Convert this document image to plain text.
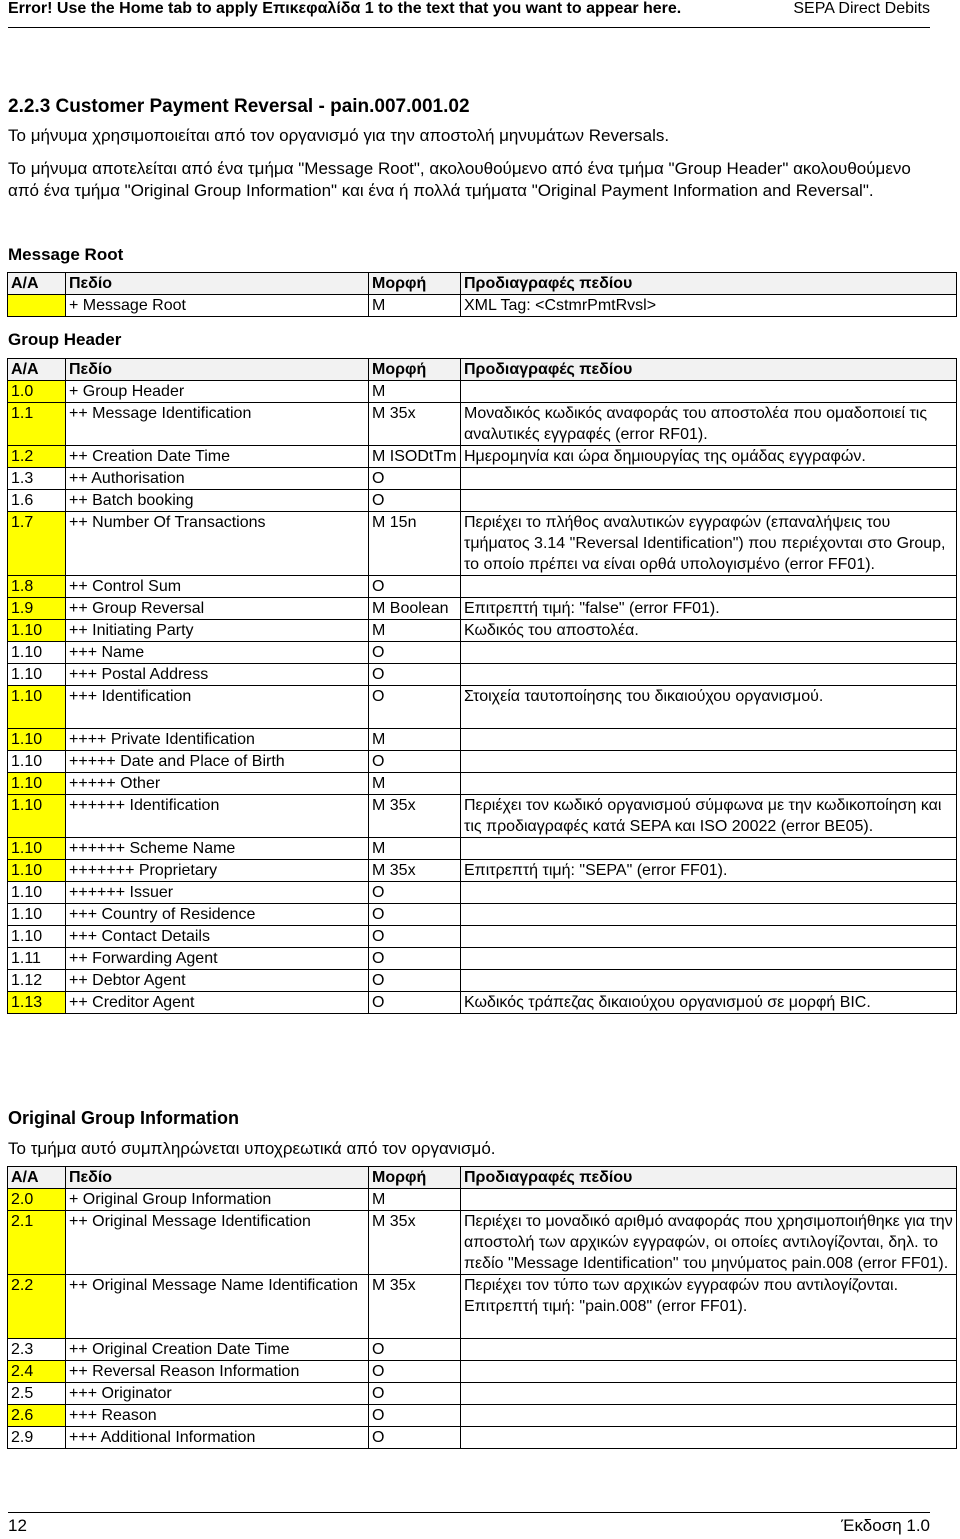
Error! Use the Home tab to apply Επικεφαλίδα 1 to the text that you want to appear here.	SEPA Direct Debits
2.2.3 Customer Payment Reversal - pain.007.001.02
Το μήνυμα χρησιμοποιείται από τον οργανισμό για την αποστολή μηνυμάτων Reversals.
Το μήνυμα αποτελείται από ένα τμήμα "Message Root", ακολουθούμενο από ένα τμήμα "Group Header" ακολουθούμενο από ένα τμήμα "Original Group Information" και ένα ή πολλά τμήματα "Original Payment Information and Reversal".
Message Root
Α/Α	Πεδίο	Μορφή	Προδιαγραφές πεδίου
	+ Message Root	M	XML Tag: <CstmrPmtRvsl>
Group Header
Α/Α	Πεδίο	Μορφή	Προδιαγραφές πεδίου
1.0	+ Group Header	M	
1.1	++ Message Identification	M 35x	Μοναδικός κωδικός αναφοράς του αποστολέα που ομαδοποιεί τις αναλυτικές εγγραφές (error RF01).
1.2	++ Creation Date Time	M ISODtTm	Ημερομηνία και ώρα δημιουργίας της ομάδας εγγραφών.
1.3	++ Authorisation	O	
1.6	++ Batch booking	O	
1.7	++ Number Of Transactions	M 15n	Περιέχει το πλήθος αναλυτικών εγγραφών (επαναλήψεις του τμήματος 3.14 "Reversal Identification") που περιέχονται στο Group, το οποίο πρέπει να είναι ορθά υπολογισμένο (error FF01).
1.8	++ Control Sum	O	
1.9	++ Group Reversal	M Boolean	Επιτρεπτή τιμή: "false" (error FF01).
1.10	++ Initiating Party	M	Κωδικός του αποστολέα.
1.10	+++ Name	O	
1.10	+++ Postal Address	O	
1.10	+++ Identification	O	Στοιχεία ταυτοποίησης του δικαιούχου οργανισμού.
1.10	++++ Private Identification	M	
1.10	+++++ Date and Place of Birth	O	
1.10	+++++ Other	M	
1.10	++++++ Identification	M 35x	Περιέχει τον κωδικό οργανισμού σύμφωνα με την κωδικοποίηση και τις προδιαγραφές κατά SEPA και ISO 20022 (error BE05).
1.10	++++++ Scheme Name	M	
1.10	+++++++ Proprietary	M 35x	Επιτρεπτή τιμή: "SEPA" (error FF01).
1.10	++++++ Issuer	O	
1.10	+++ Country of Residence	O	
1.10	+++ Contact Details	O	
1.11	++ Forwarding Agent	O	
1.12	++ Debtor Agent	O	
1.13	++ Creditor Agent	O	Κωδικός τράπεζας δικαιούχου οργανισμού σε μορφή BIC.
Original Group Information
Το τμήμα αυτό συμπληρώνεται υποχρεωτικά από τον οργανισμό.
Α/Α	Πεδίο	Μορφή	Προδιαγραφές πεδίου
2.0	+ Original Group Information	M	
2.1	++ Original Message Identification	M 35x	Περιέχει το μοναδικό αριθμό αναφοράς που χρησιμοποιήθηκε για την αποστολή των αρχικών εγγραφών, οι οποίες αντιλογίζονται, δηλ. το πεδίο "Message Identification" του μηνύματος pain.008 (error FF01).
2.2	++ Original Message Name Identification	M 35x	Περιέχει τον τύπο των αρχικών εγγραφών που αντιλογίζονται.
Επιτρεπτή τιμή: "pain.008" (error FF01).
2.3	++ Original Creation Date Time	O	
2.4	++ Reversal Reason Information	O	
2.5	+++ Originator	O	
2.6	+++ Reason	O	
2.9	+++ Additional Information	O	
12	Έκδοση 1.0
